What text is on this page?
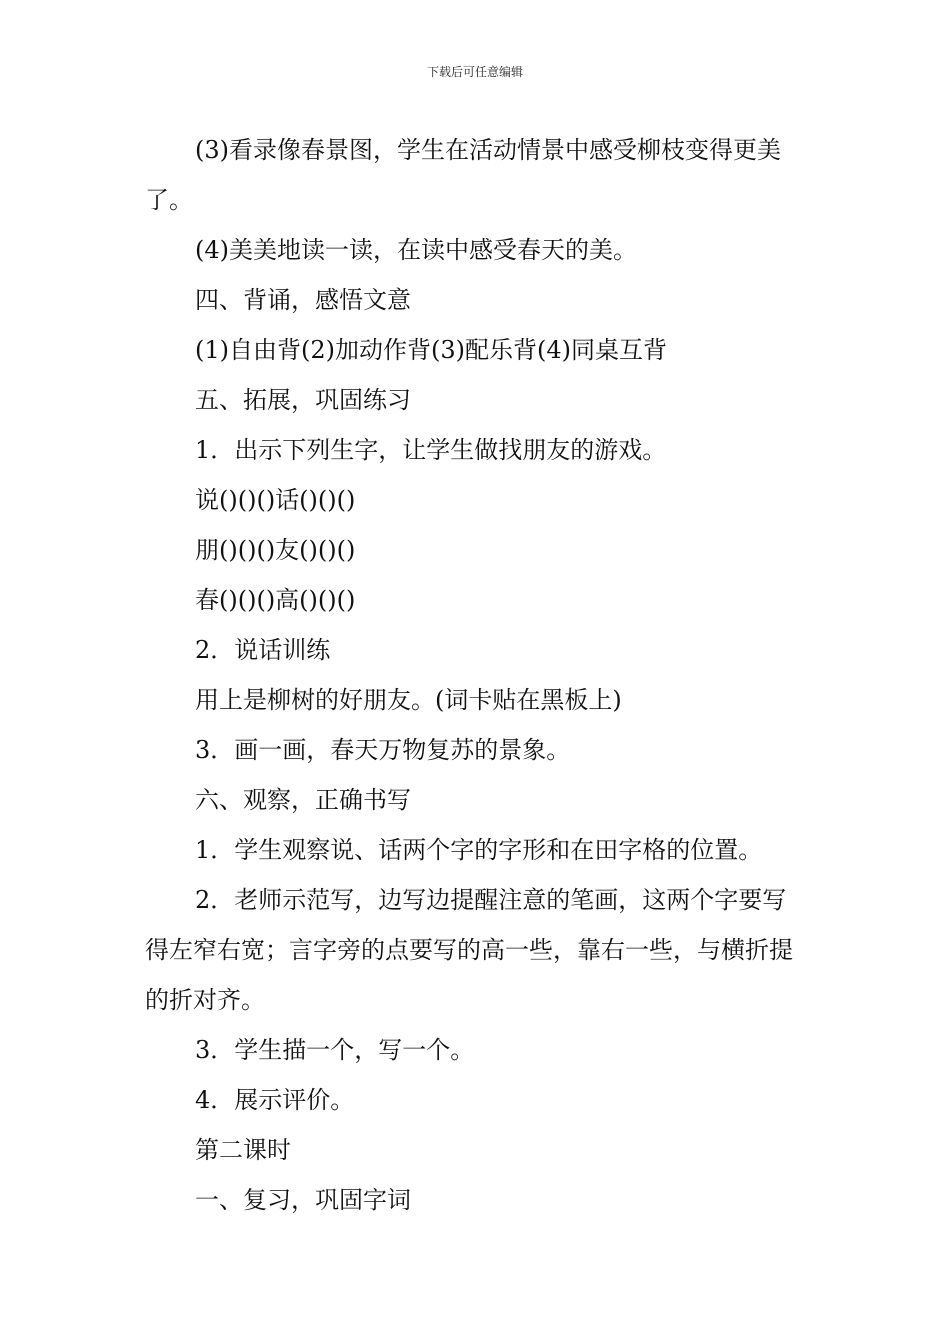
下载后可任意编辑

(3)看录像春景图，学生在活动情景中感受柳枝变得更美了。

(4)美美地读一读，在读中感受春天的美。

四、背诵，感悟文意

(1)自由背(2)加动作背(3)配乐背(4)同桌互背

五、拓展，巩固练习

1．出示下列生字，让学生做找朋友的游戏。

说()()()话()()()

朋()()()友()()()

春()()()高()()()

2．说话训练

用上是柳树的好朋友。(词卡贴在黑板上)

3．画一画，春天万物复苏的景象。

六、观察，正确书写

1．学生观察说、话两个字的字形和在田字格的位置。

2．老师示范写，边写边提醒注意的笔画，这两个字要写得左窄右宽；言字旁的点要写的高一些，靠右一些，与横折提的折对齐。

3．学生描一个，写一个。

4．展示评价。

第二课时

一、复习，巩固字词
